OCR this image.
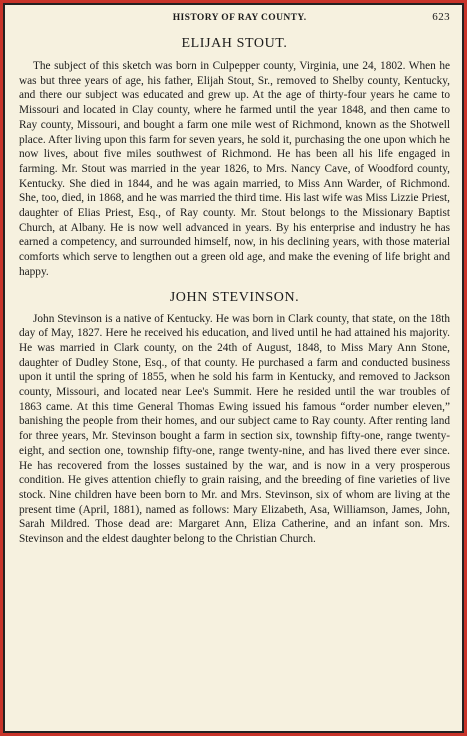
HISTORY OF RAY COUNTY.	623
ELIJAH STOUT.

The subject of this sketch was born in Culpepper county, Virginia, une 24, 1802. When he was but three years of age, his father, Elijah Stout, Sr., removed to Shelby county, Kentucky, and there our subject was educated and grew up. At the age of thirty-four years he came to Missouri and located in Clay county, where he farmed until the year 1848, and then came to Ray county, Missouri, and bought a farm one mile west of Richmond, known as the Shotwell place. After living upon this farm for seven years, he sold it, purchasing the one upon which he now lives, about five miles southwest of Richmond. He has been all his life engaged in farming. Mr. Stout was married in the year 1826, to Mrs. Nancy Cave, of Woodford county, Kentucky. She died in 1844, and he was again married, to Miss Ann Warder, of Richmond. She, too, died, in 1868, and he was married the third time. His last wife was Miss Lizzie Priest, daughter of Elias Priest, Esq., of Ray county. Mr. Stout belongs to the Missionary Baptist Church, at Albany. He is now well advanced in years. By his enterprise and industry he has earned a competency, and surrounded himself, now, in his declining years, with those material comforts which serve to lengthen out a green old age, and make the evening of life bright and happy.

JOHN STEVINSON.

John Stevinson is a native of Kentucky. He was born in Clark county, that state, on the 18th day of May, 1827. Here he received his education, and lived until he had attained his majority. He was married in Clark county, on the 24th of August, 1848, to Miss Mary Ann Stone, daughter of Dudley Stone, Esq., of that county. He purchased a farm and conducted business upon it until the spring of 1855, when he sold his farm in Kentucky, and removed to Jackson county, Missouri, and located near Lee's Summit. Here he resided until the war troubles of 1863 came. At this time General Thomas Ewing issued his famous “order number eleven,” banishing the people from their homes, and our subject came to Ray county. After renting land for three years, Mr. Stevinson bought a farm in section six, township fifty-one, range twenty-eight, and section one, township fifty-one, range twenty-nine, and has lived there ever since. He has recovered from the losses sustained by the war, and is now in a very prosperous condition. He gives attention chiefly to grain raising, and the breeding of fine varieties of live stock. Nine children have been born to Mr. and Mrs. Stevinson, six of whom are living at the present time (April, 1881), named as follows: Mary Elizabeth, Asa, Williamson, James, John, Sarah Mildred. Those dead are: Margaret Ann, Eliza Catherine, and an infant son. Mrs. Stevinson and the eldest daughter belong to the Christian Church.
